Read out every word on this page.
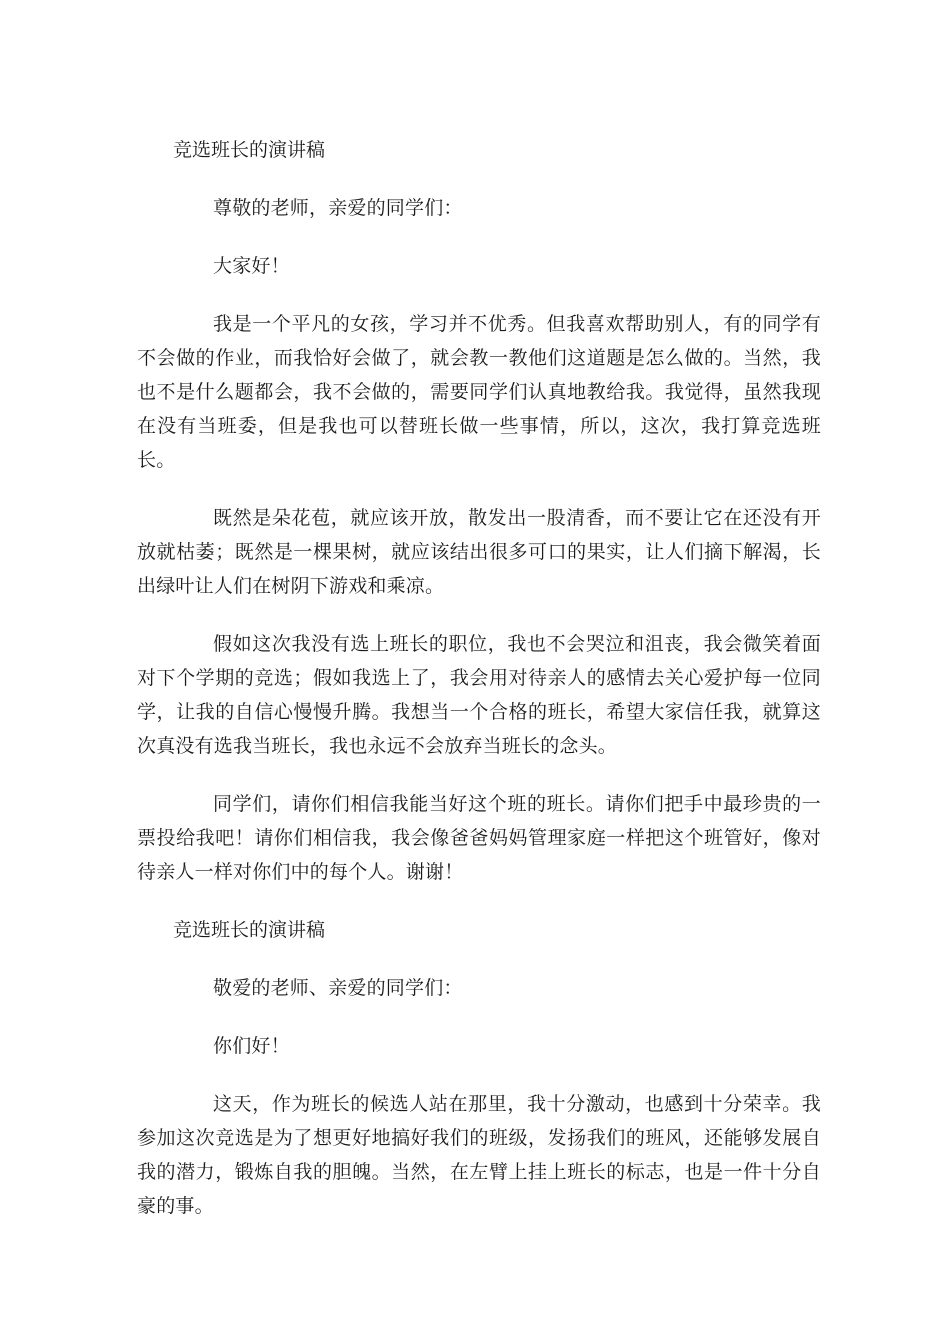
竞选班长的演讲稿

尊敬的老师，亲爱的同学们：

大家好！

我是一个平凡的女孩，学习并不优秀。但我喜欢帮助别人，有的同学有不会做的作业，而我恰好会做了，就会教一教他们这道题是怎么做的。当然，我也不是什么题都会，我不会做的，需要同学们认真地教给我。我觉得，虽然我现在没有当班委，但是我也可以替班长做一些事情，所以，这次，我打算竞选班长。

既然是朵花苞，就应该开放，散发出一股清香，而不要让它在还没有开放就枯萎；既然是一棵果树，就应该结出很多可口的果实，让人们摘下解渴，长出绿叶让人们在树阴下游戏和乘凉。

假如这次我没有选上班长的职位，我也不会哭泣和沮丧，我会微笑着面对下个学期的竞选；假如我选上了，我会用对待亲人的感情去关心爱护每一位同学，让我的自信心慢慢升腾。我想当一个合格的班长，希望大家信任我，就算这次真没有选我当班长，我也永远不会放弃当班长的念头。

同学们，请你们相信我能当好这个班的班长。请你们把手中最珍贵的一票投给我吧！请你们相信我，我会像爸爸妈妈管理家庭一样把这个班管好，像对待亲人一样对你们中的每个人。谢谢！

竞选班长的演讲稿

敬爱的老师、亲爱的同学们：

你们好！

这天，作为班长的候选人站在那里，我十分激动，也感到十分荣幸。我参加这次竞选是为了想更好地搞好我们的班级，发扬我们的班风，还能够发展自我的潜力，锻炼自我的胆魄。当然，在左臂上挂上班长的标志，也是一件十分自豪的事。
